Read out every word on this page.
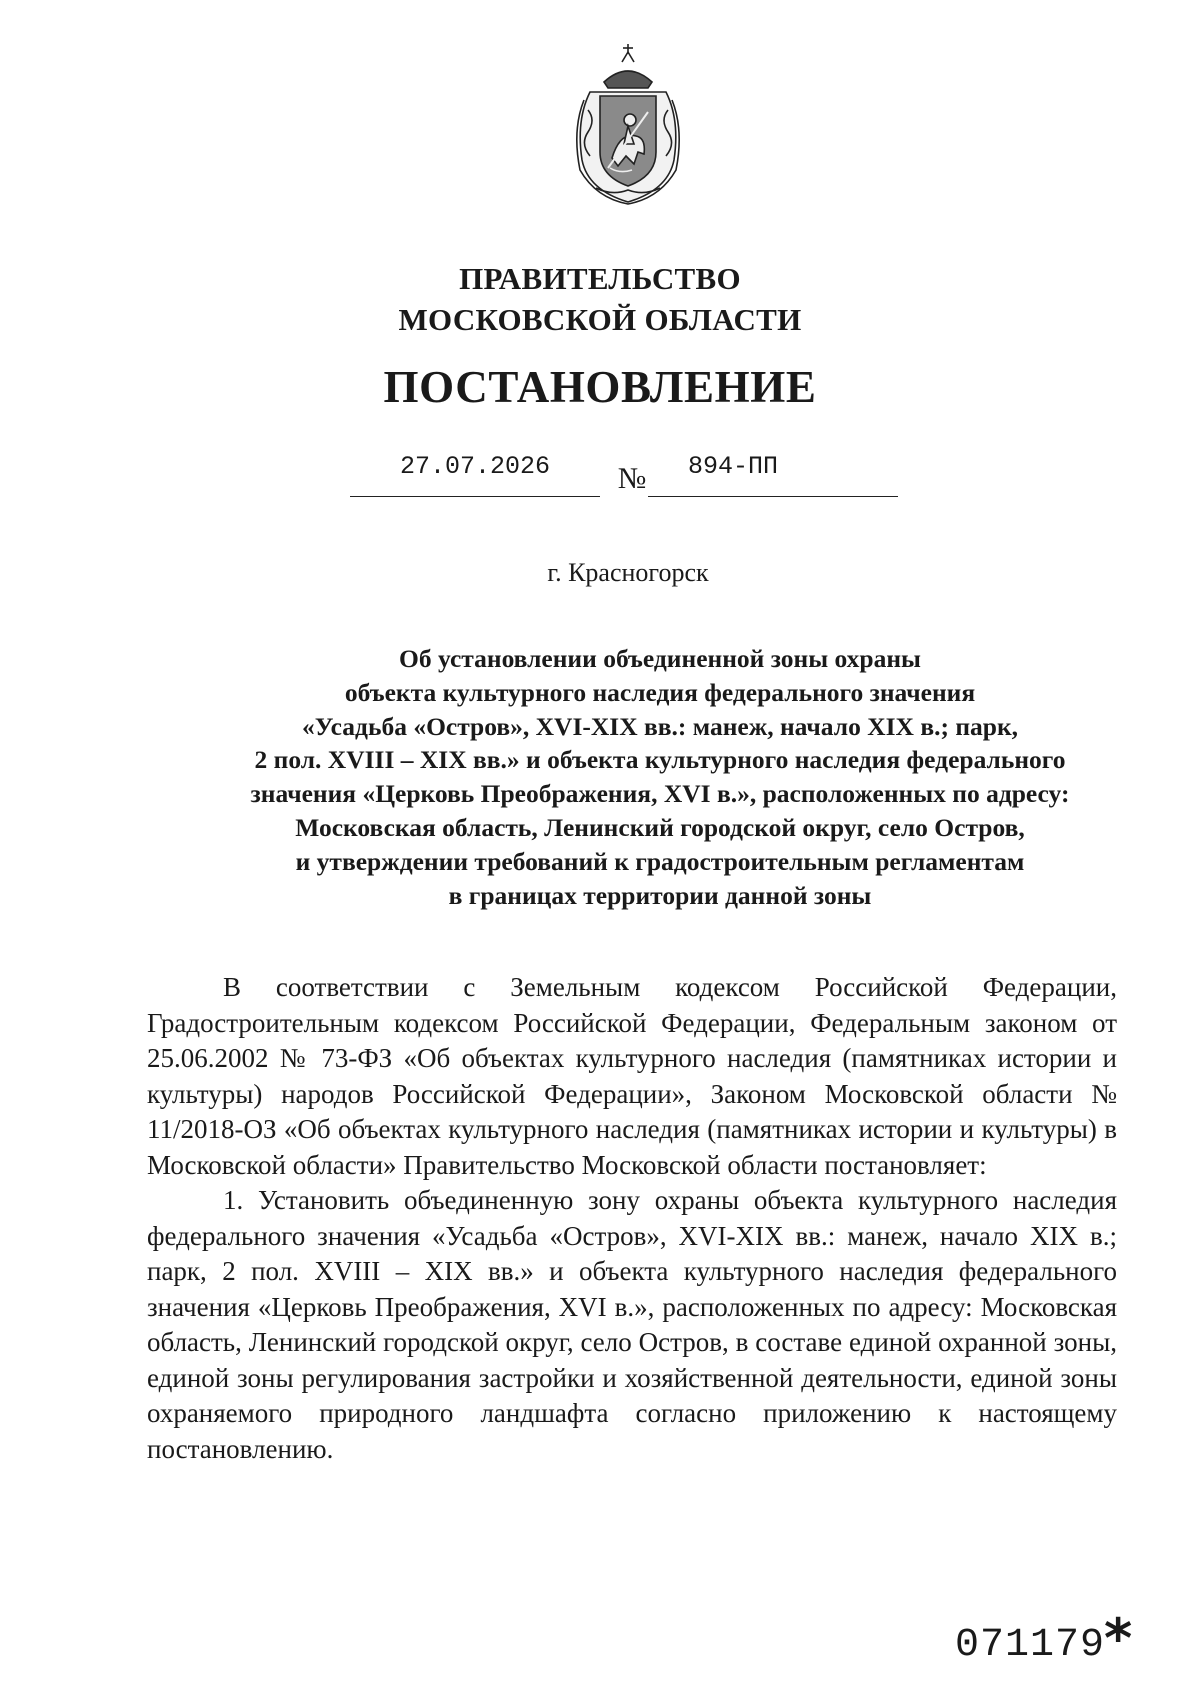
ПРАВИТЕЛЬСТВО
МОСКОВСКОЙ ОБЛАСТИ
ПОСТАНОВЛЕНИЕ
27.07.2026	№	894-ПП
г. Красногорск
Об установлении объединенной зоны охраны
объекта культурного наследия федерального значения
«Усадьба «Остров», XVI-XIX вв.: манеж, начало XIX в.; парк,
2 пол. XVIII – XIX вв.» и объекта культурного наследия федерального
значения «Церковь Преображения, XVI в.», расположенных по адресу:
Московская область, Ленинский городской округ, село Остров,
и утверждении требований к градостроительным регламентам
в границах территории данной зоны

В соответствии с Земельным кодексом Российской Федерации, Градостроительным кодексом Российской Федерации, Федеральным законом от 25.06.2002 № 73-ФЗ «Об объектах культурного наследия (памятниках истории и культуры) народов Российской Федерации», Законом Московской области № 11/2018-ОЗ «Об объектах культурного наследия (памятниках истории и культуры) в Московской области» Правительство Московской области постановляет:

1. Установить объединенную зону охраны объекта культурного наследия федерального значения «Усадьба «Остров», XVI-XIX вв.: манеж, начало XIX в.; парк, 2 пол. XVIII – XIX вв.» и объекта культурного наследия федерального значения «Церковь Преображения, XVI в.», расположенных по адресу: Московская область, Ленинский городской округ, село Остров, в составе единой охранной зоны, единой зоны регулирования застройки и хозяйственной деятельности, единой зоны охраняемого природного ландшафта согласно приложению к настоящему постановлению.

071179
*
